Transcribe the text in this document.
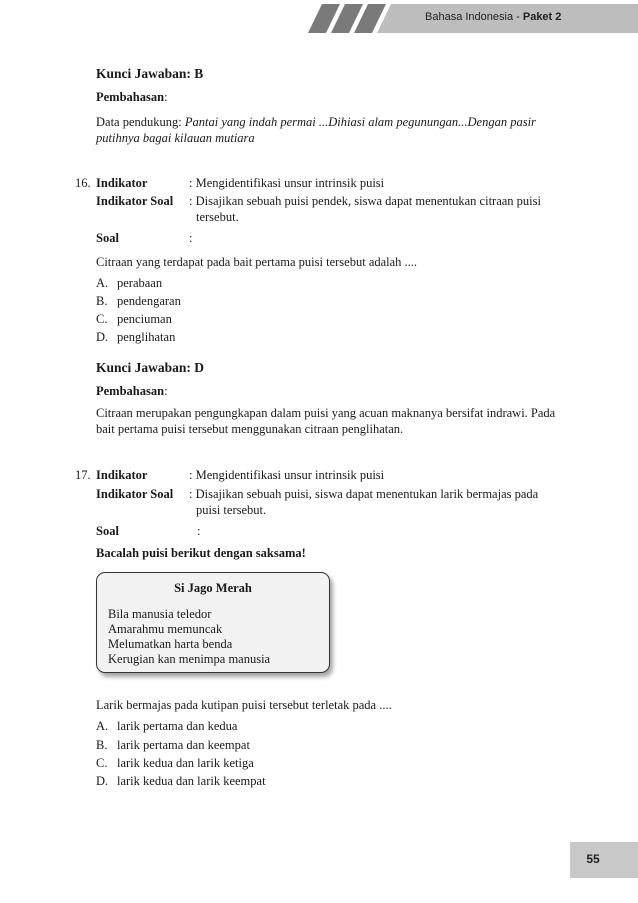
Bahasa Indonesia - Paket 2
Kunci Jawaban: B
Pembahasan:
Data pendukung: Pantai yang indah permai ...Dihiasi alam pegunungan...Dengan pasir
putihnya bagai kilauan mutiara
16. Indikator	: Mengidentifikasi unsur intrinsik puisi
Indikator Soal : Disajikan sebuah puisi pendek, siswa dapat menentukan citraan puisi
tersebut.
Soal	:
Citraan yang terdapat pada bait pertama puisi tersebut adalah ....
A. perabaan
B. pendengaran
C. penciuman
D. penglihatan
Kunci Jawaban: D
Pembahasan:
Citraan merupakan pengungkapan dalam puisi yang acuan maknanya bersifat indrawi. Pada
bait pertama puisi tersebut menggunakan citraan penglihatan.
17. Indikator	: Mengidentifikasi unsur intrinsik puisi
Indikator Soal : Disajikan sebuah puisi, siswa dapat menentukan larik bermajas pada
puisi tersebut.
Soal	:
Bacalah puisi berikut dengan saksama!
Si Jago Merah
Bila manusia teledor
Amarahmu memuncak
Melumatkan harta benda
Kerugian kan menimpa manusia
Larik bermajas pada kutipan puisi tersebut terletak pada ....
A. larik pertama dan kedua
B. larik pertama dan keempat
C. larik kedua dan larik ketiga
D. larik kedua dan larik keempat
55
